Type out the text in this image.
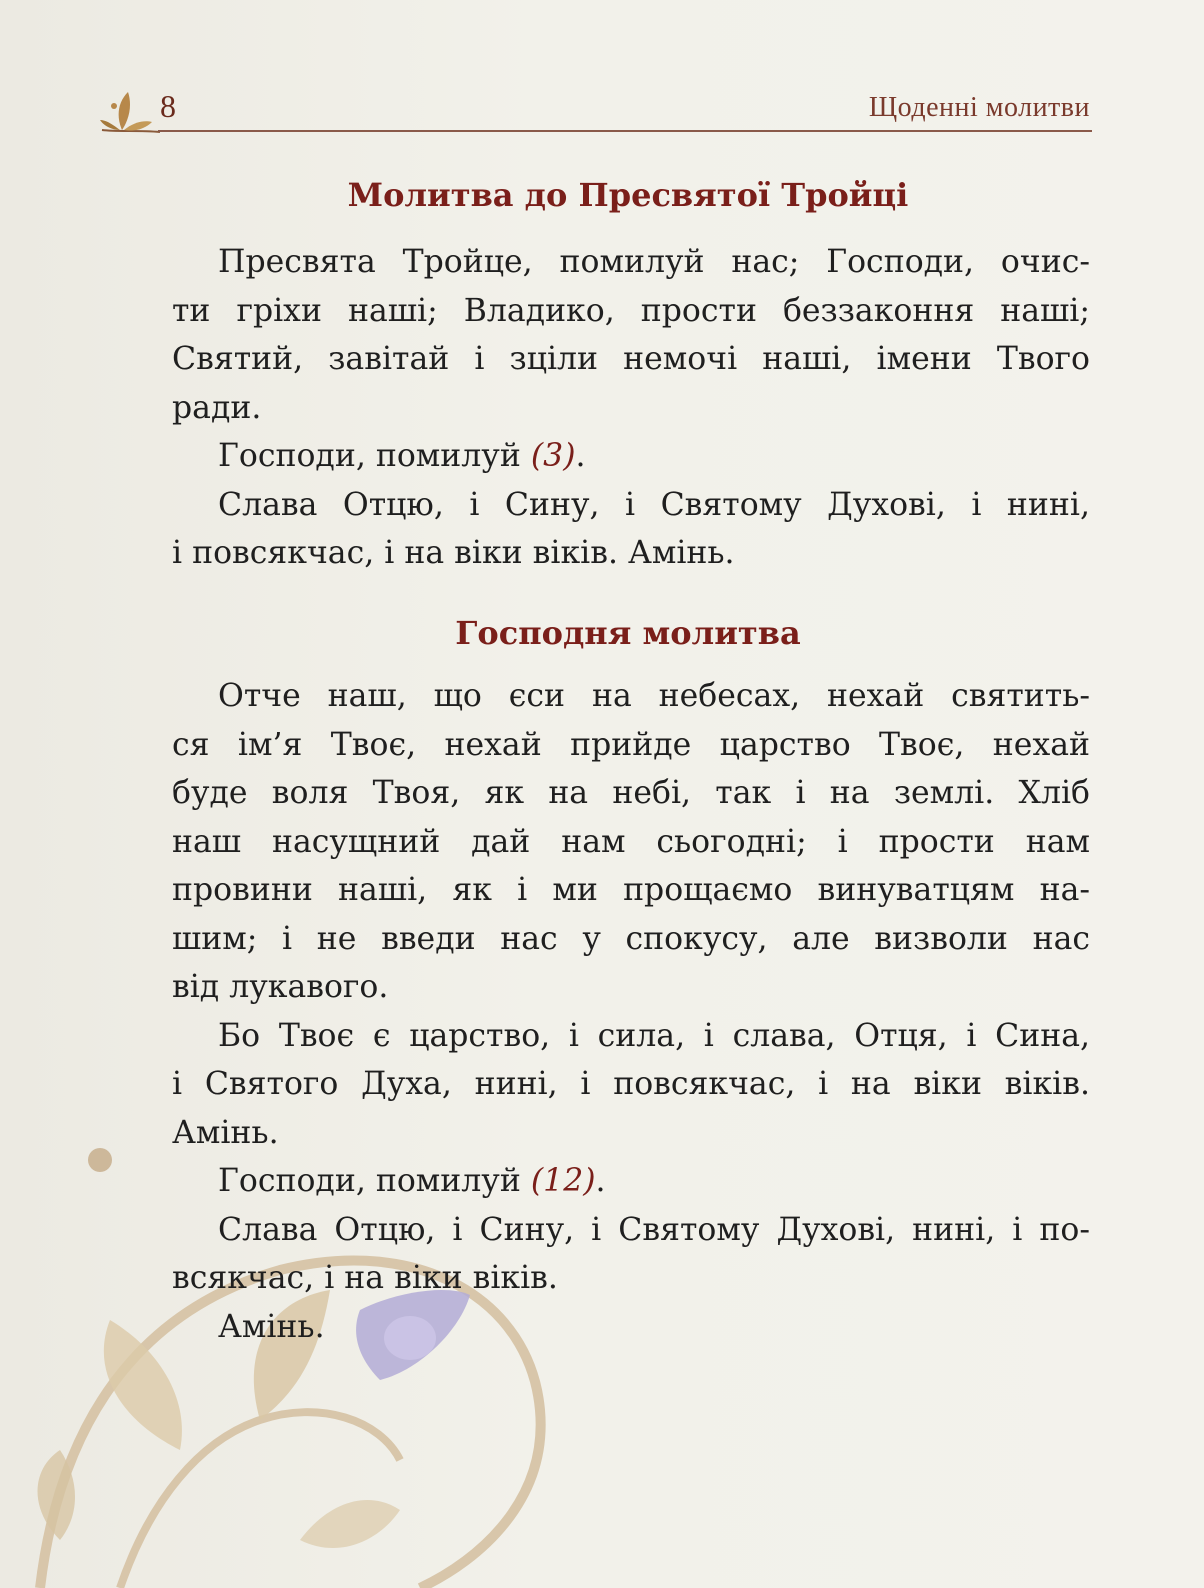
8	Щоденні молитви
Молитва до Пресвятої Тройці
Пресвята Тройце, помилуй нас; Господи, очис-
ти гріхи наші; Владико, прости беззаконня наші;
Святий, завітай і зціли немочі наші, імени Твого
ради.
Господи, помилуй (3).
Слава Отцю, і Сину, і Святому Духові, і нині,
і повсякчас, і на віки віків. Амінь.
Господня молитва
Отче наш, що єси на небесах, нехай святить-
ся ім’я Твоє, нехай прийде царство Твоє, нехай
буде воля Твоя, як на небі, так і на землі. Хліб
наш насущний дай нам сьогодні; і прости нам
провини наші, як і ми прощаємо винуватцям на-
шим; і не введи нас у спокусу, але визволи нас
від лукавого.
Бо Твоє є царство, і сила, і слава, Отця, і Сина,
і Святого Духа, нині, і повсякчас, і на віки віків.
Амінь.
Господи, помилуй (12).
Слава Отцю, і Сину, і Святому Духові, нині, і по-
всякчас, і на віки віків.
Амінь.
